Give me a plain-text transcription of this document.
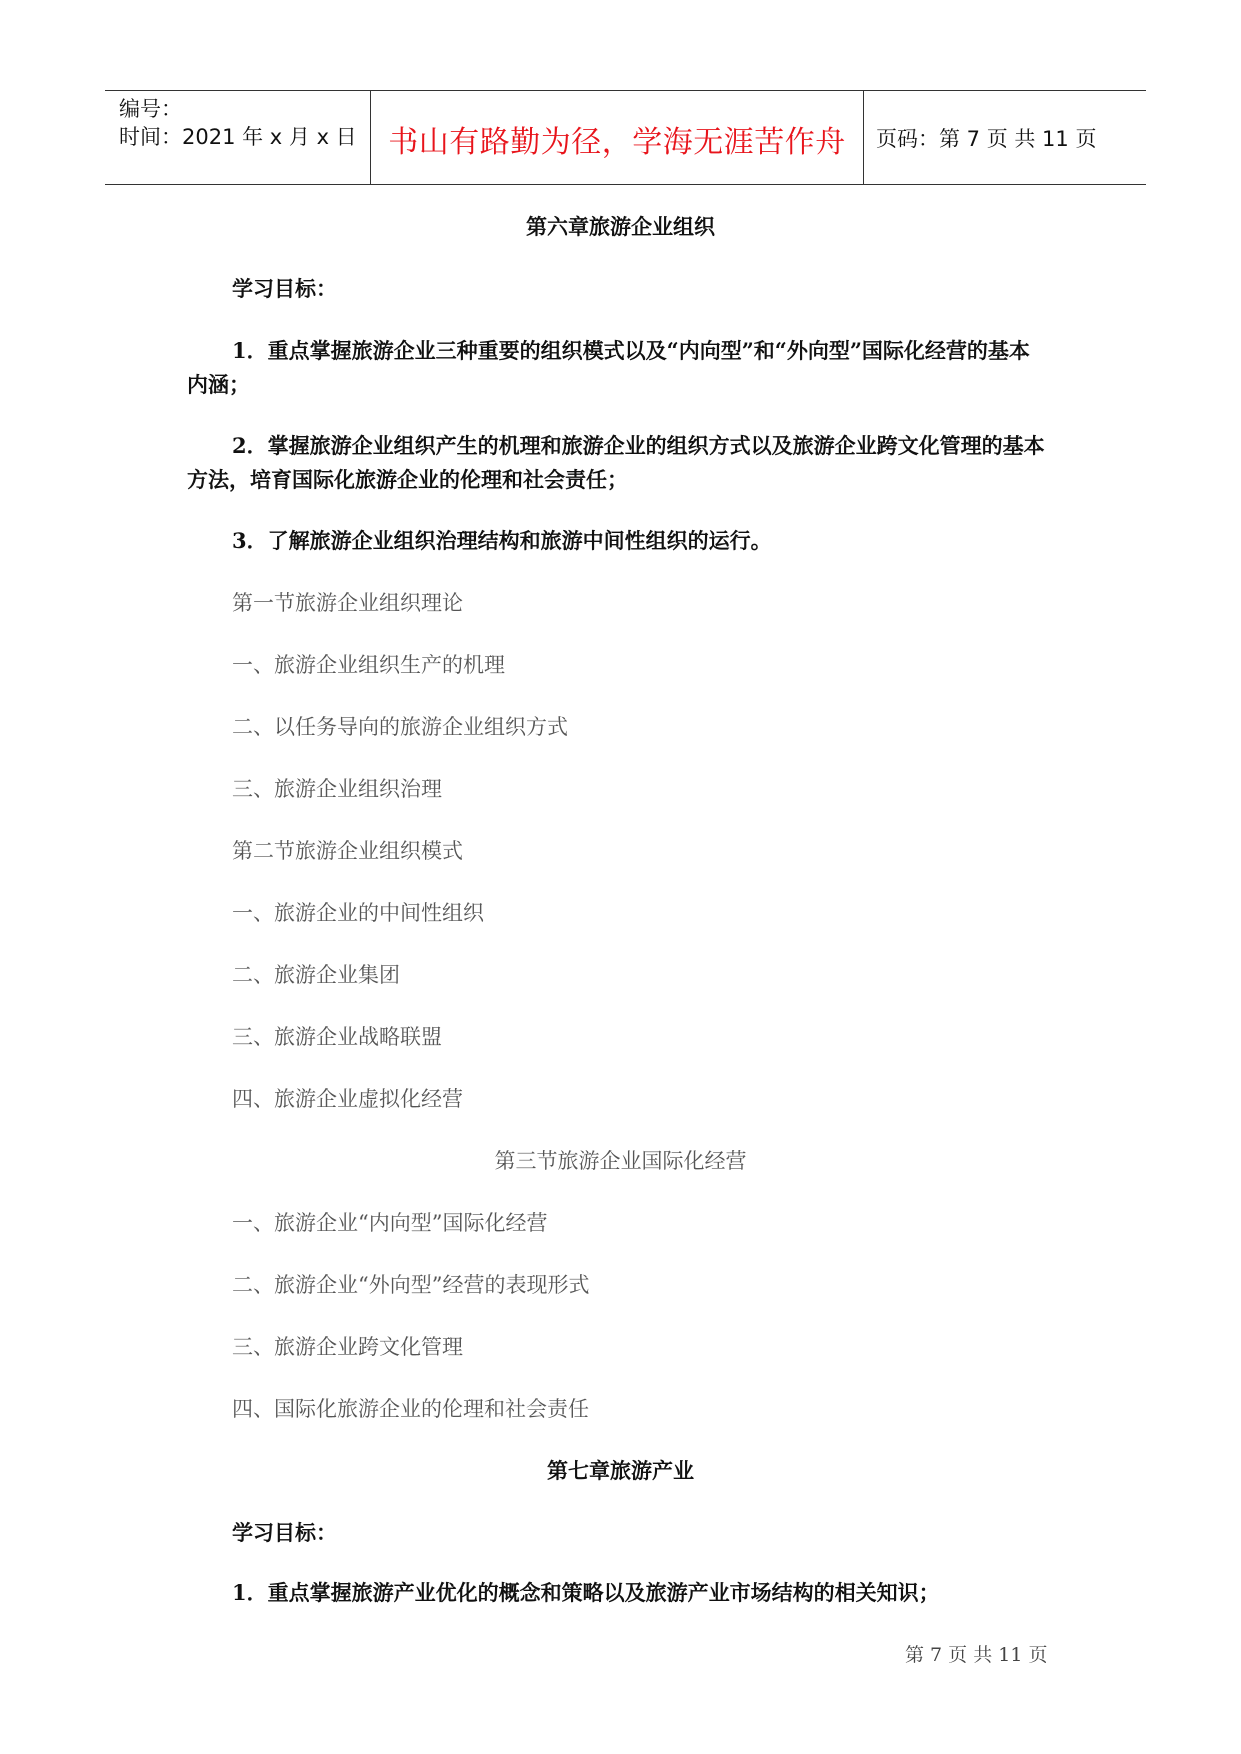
编号：
时间：2021 年 x 月 x 日	书山有路勤为径，学海无涯苦作舟	页码：第 7 页 共 11 页
第六章旅游企业组织
学习目标：
1．重点掌握旅游企业三种重要的组织模式以及“内向型”和“外向型”国际化经营的基本
内涵；
2．掌握旅游企业组织产生的机理和旅游企业的组织方式以及旅游企业跨文化管理的基本
方法，培育国际化旅游企业的伦理和社会责任；
3．了解旅游企业组织治理结构和旅游中间性组织的运行。
第一节旅游企业组织理论
一、旅游企业组织生产的机理
二、以任务导向的旅游企业组织方式
三、旅游企业组织治理
第二节旅游企业组织模式
一、旅游企业的中间性组织
二、旅游企业集团
三、旅游企业战略联盟
四、旅游企业虚拟化经营
第三节旅游企业国际化经营
一、旅游企业“内向型”国际化经营
二、旅游企业“外向型”经营的表现形式
三、旅游企业跨文化管理
四、国际化旅游企业的伦理和社会责任
第七章旅游产业
学习目标：
1．重点掌握旅游产业优化的概念和策略以及旅游产业市场结构的相关知识；
第 7 页 共 11 页
